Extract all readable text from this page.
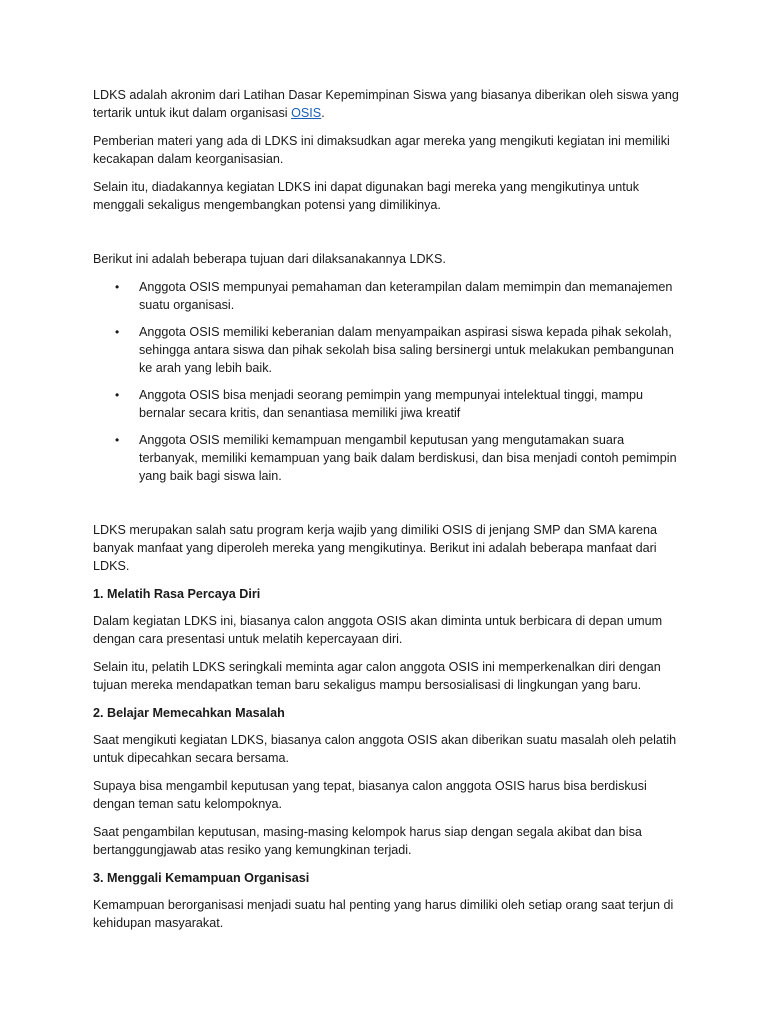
LDKS adalah akronim dari Latihan Dasar Kepemimpinan Siswa yang biasanya diberikan oleh siswa yang tertarik untuk ikut dalam organisasi OSIS.

Pemberian materi yang ada di LDKS ini dimaksudkan agar mereka yang mengikuti kegiatan ini memiliki kecakapan dalam keorganisasian.

Selain itu, diadakannya kegiatan LDKS ini dapat digunakan bagi mereka yang mengikutinya untuk menggali sekaligus mengembangkan potensi yang dimilikinya.

Berikut ini adalah beberapa tujuan dari dilaksanakannya LDKS.

• Anggota OSIS mempunyai pemahaman dan keterampilan dalam memimpin dan memanajemen suatu organisasi.
• Anggota OSIS memiliki keberanian dalam menyampaikan aspirasi siswa kepada pihak sekolah, sehingga antara siswa dan pihak sekolah bisa saling bersinergi untuk melakukan pembangunan ke arah yang lebih baik.
• Anggota OSIS bisa menjadi seorang pemimpin yang mempunyai intelektual tinggi, mampu bernalar secara kritis, dan senantiasa memiliki jiwa kreatif
• Anggota OSIS memiliki kemampuan mengambil keputusan yang mengutamakan suara terbanyak, memiliki kemampuan yang baik dalam berdiskusi, dan bisa menjadi contoh pemimpin yang baik bagi siswa lain.

LDKS merupakan salah satu program kerja wajib yang dimiliki OSIS di jenjang SMP dan SMA karena banyak manfaat yang diperoleh mereka yang mengikutinya. Berikut ini adalah beberapa manfaat dari LDKS.

1. Melatih Rasa Percaya Diri

Dalam kegiatan LDKS ini, biasanya calon anggota OSIS akan diminta untuk berbicara di depan umum dengan cara presentasi untuk melatih kepercayaan diri.

Selain itu, pelatih LDKS seringkali meminta agar calon anggota OSIS ini memperkenalkan diri dengan tujuan mereka mendapatkan teman baru sekaligus mampu bersosialisasi di lingkungan yang baru.

2. Belajar Memecahkan Masalah

Saat mengikuti kegiatan LDKS, biasanya calon anggota OSIS akan diberikan suatu masalah oleh pelatih untuk dipecahkan secara bersama.

Supaya bisa mengambil keputusan yang tepat, biasanya calon anggota OSIS harus bisa berdiskusi dengan teman satu kelompoknya.

Saat pengambilan keputusan, masing-masing kelompok harus siap dengan segala akibat dan bisa bertanggungjawab atas resiko yang kemungkinan terjadi.

3. Menggali Kemampuan Organisasi

Kemampuan berorganisasi menjadi suatu hal penting yang harus dimiliki oleh setiap orang saat terjun di kehidupan masyarakat.
